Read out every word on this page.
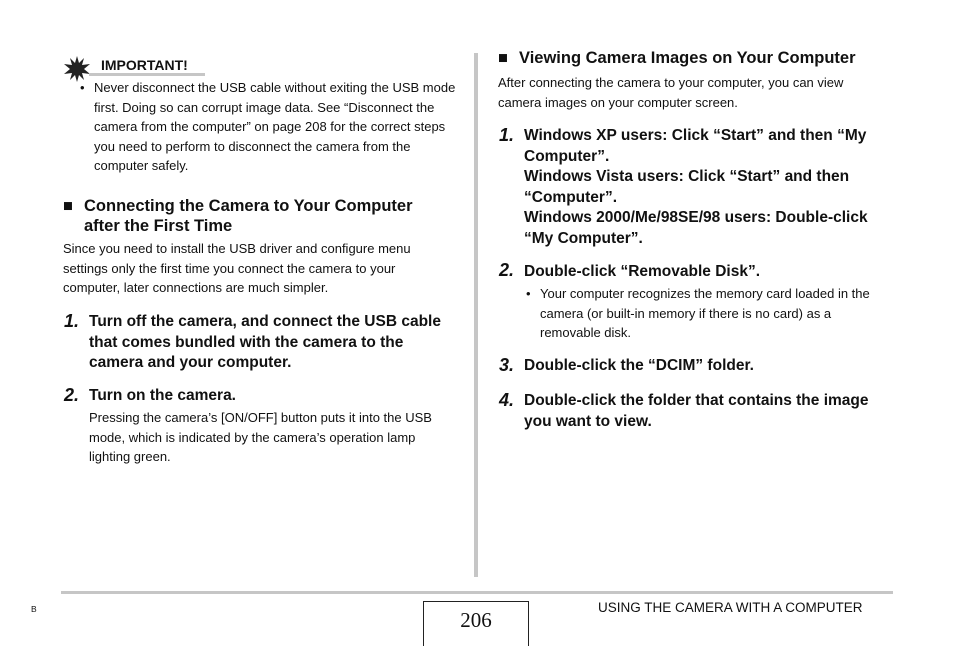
IMPORTANT!
• Never disconnect the USB cable without exiting the USB mode first. Doing so can corrupt image data. See “Disconnect the camera from the computer” on page 208 for the correct steps you need to perform to disconnect the camera from the computer safely.
■ Connecting the Camera to Your Computer
after the First Time
Since you need to install the USB driver and configure menu settings only the first time you connect the camera to your computer, later connections are much simpler.
1. Turn off the camera, and connect the USB cable that comes bundled with the camera to the camera and your computer.
2. Turn on the camera.
Pressing the camera’s [ON/OFF] button puts it into the USB mode, which is indicated by the camera’s operation lamp lighting green.
■ Viewing Camera Images on Your Computer
After connecting the camera to your computer, you can view camera images on your computer screen.
1. Windows XP users: Click “Start” and then “My Computer”.
Windows Vista users: Click “Start” and then “Computer”.
Windows 2000/Me/98SE/98 users: Double-click “My Computer”.
2. Double-click “Removable Disk”.
• Your computer recognizes the memory card loaded in the camera (or built-in memory if there is no card) as a removable disk.
3. Double-click the “DCIM” folder.
4. Double-click the folder that contains the image you want to view.
B	206
USING THE CAMERA WITH A COMPUTER
